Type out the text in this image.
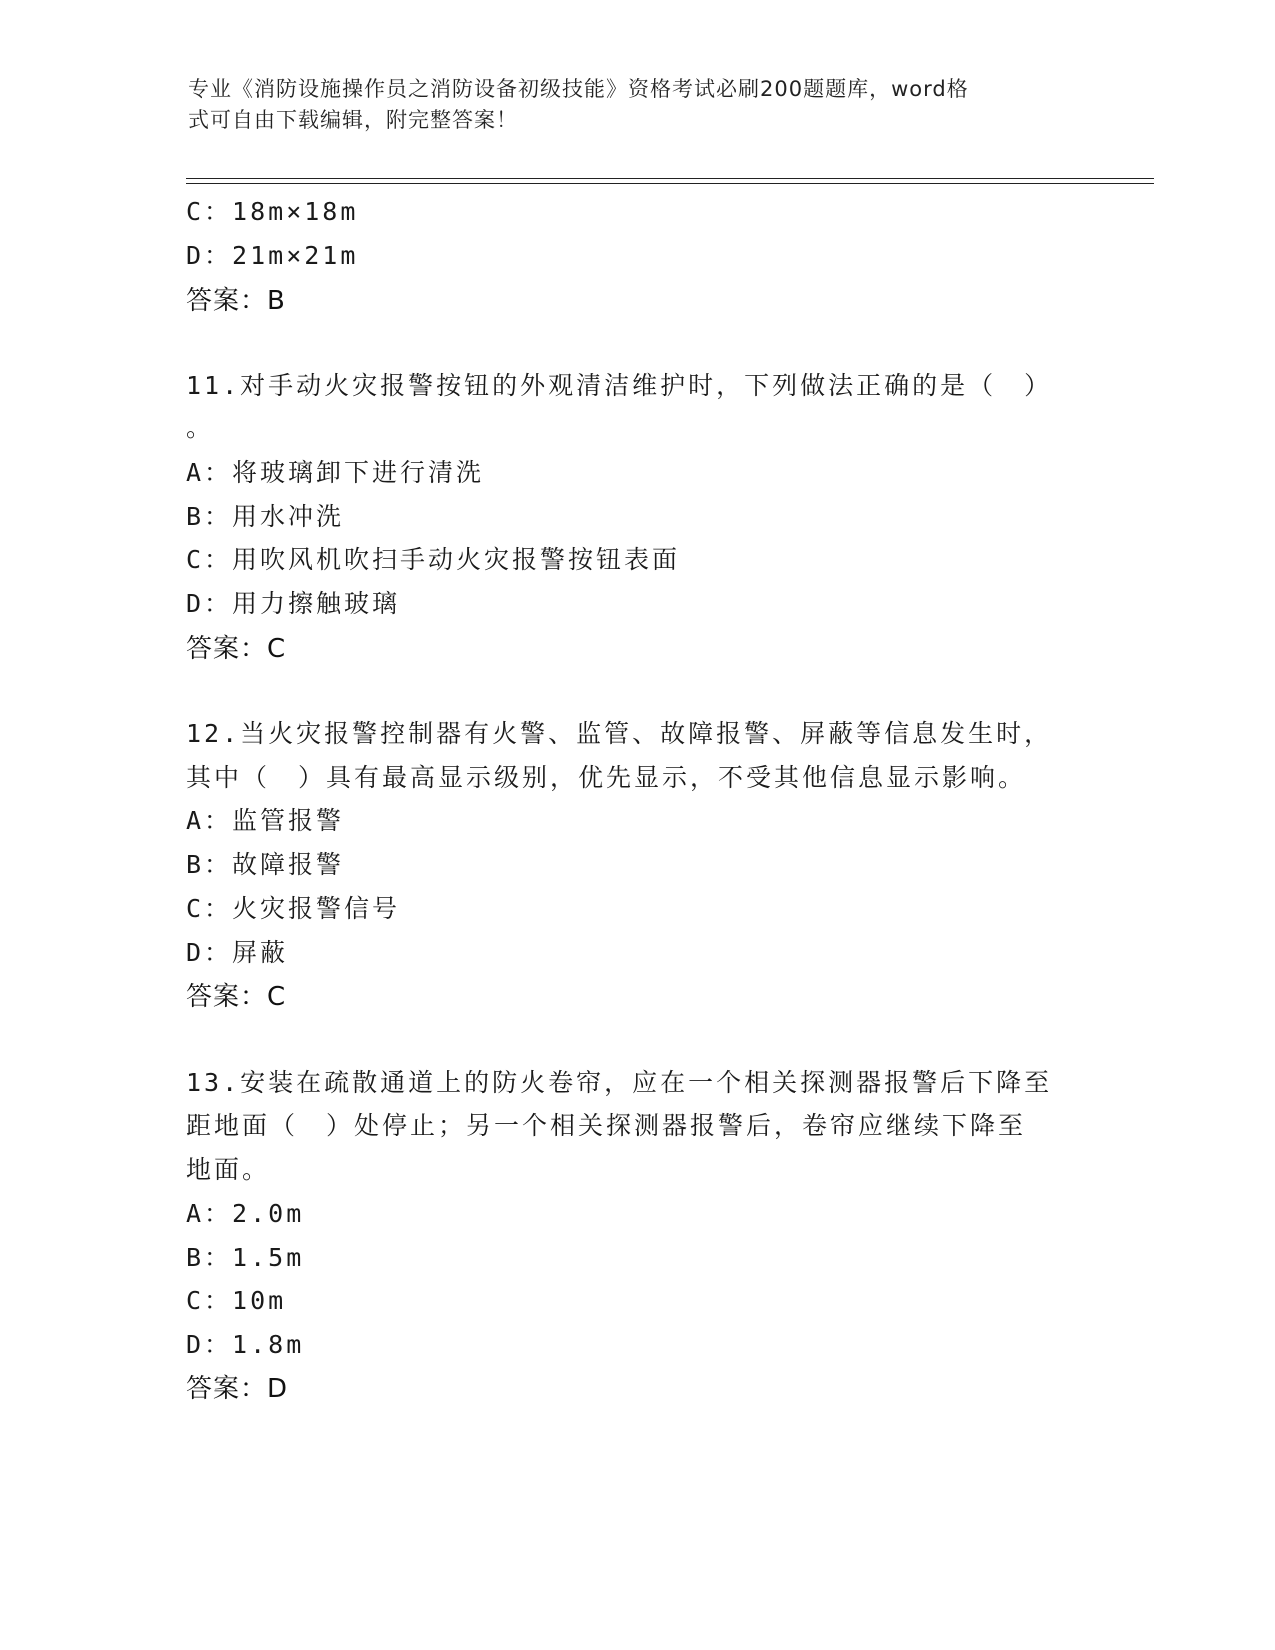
专业《消防设施操作员之消防设备初级技能》资格考试必刷200题题库，word格
式可自由下载编辑，附完整答案！
C：18m×18m
D：21m×21m
答案：B
11.对手动火灾报警按钮的外观清洁维护时，下列做法正确的是（　）
。
A：将玻璃卸下进行清洗
B：用水冲洗
C：用吹风机吹扫手动火灾报警按钮表面
D：用力擦触玻璃
答案：C
12.当火灾报警控制器有火警、监管、故障报警、屏蔽等信息发生时，
其中（　）具有最高显示级别，优先显示，不受其他信息显示影响。
A：监管报警
B：故障报警
C：火灾报警信号
D：屏蔽
答案：C
13.安装在疏散通道上的防火卷帘，应在一个相关探测器报警后下降至
距地面（　）处停止；另一个相关探测器报警后，卷帘应继续下降至
地面。
A：2.0m
B：1.5m
C：10m
D：1.8m
答案：D
